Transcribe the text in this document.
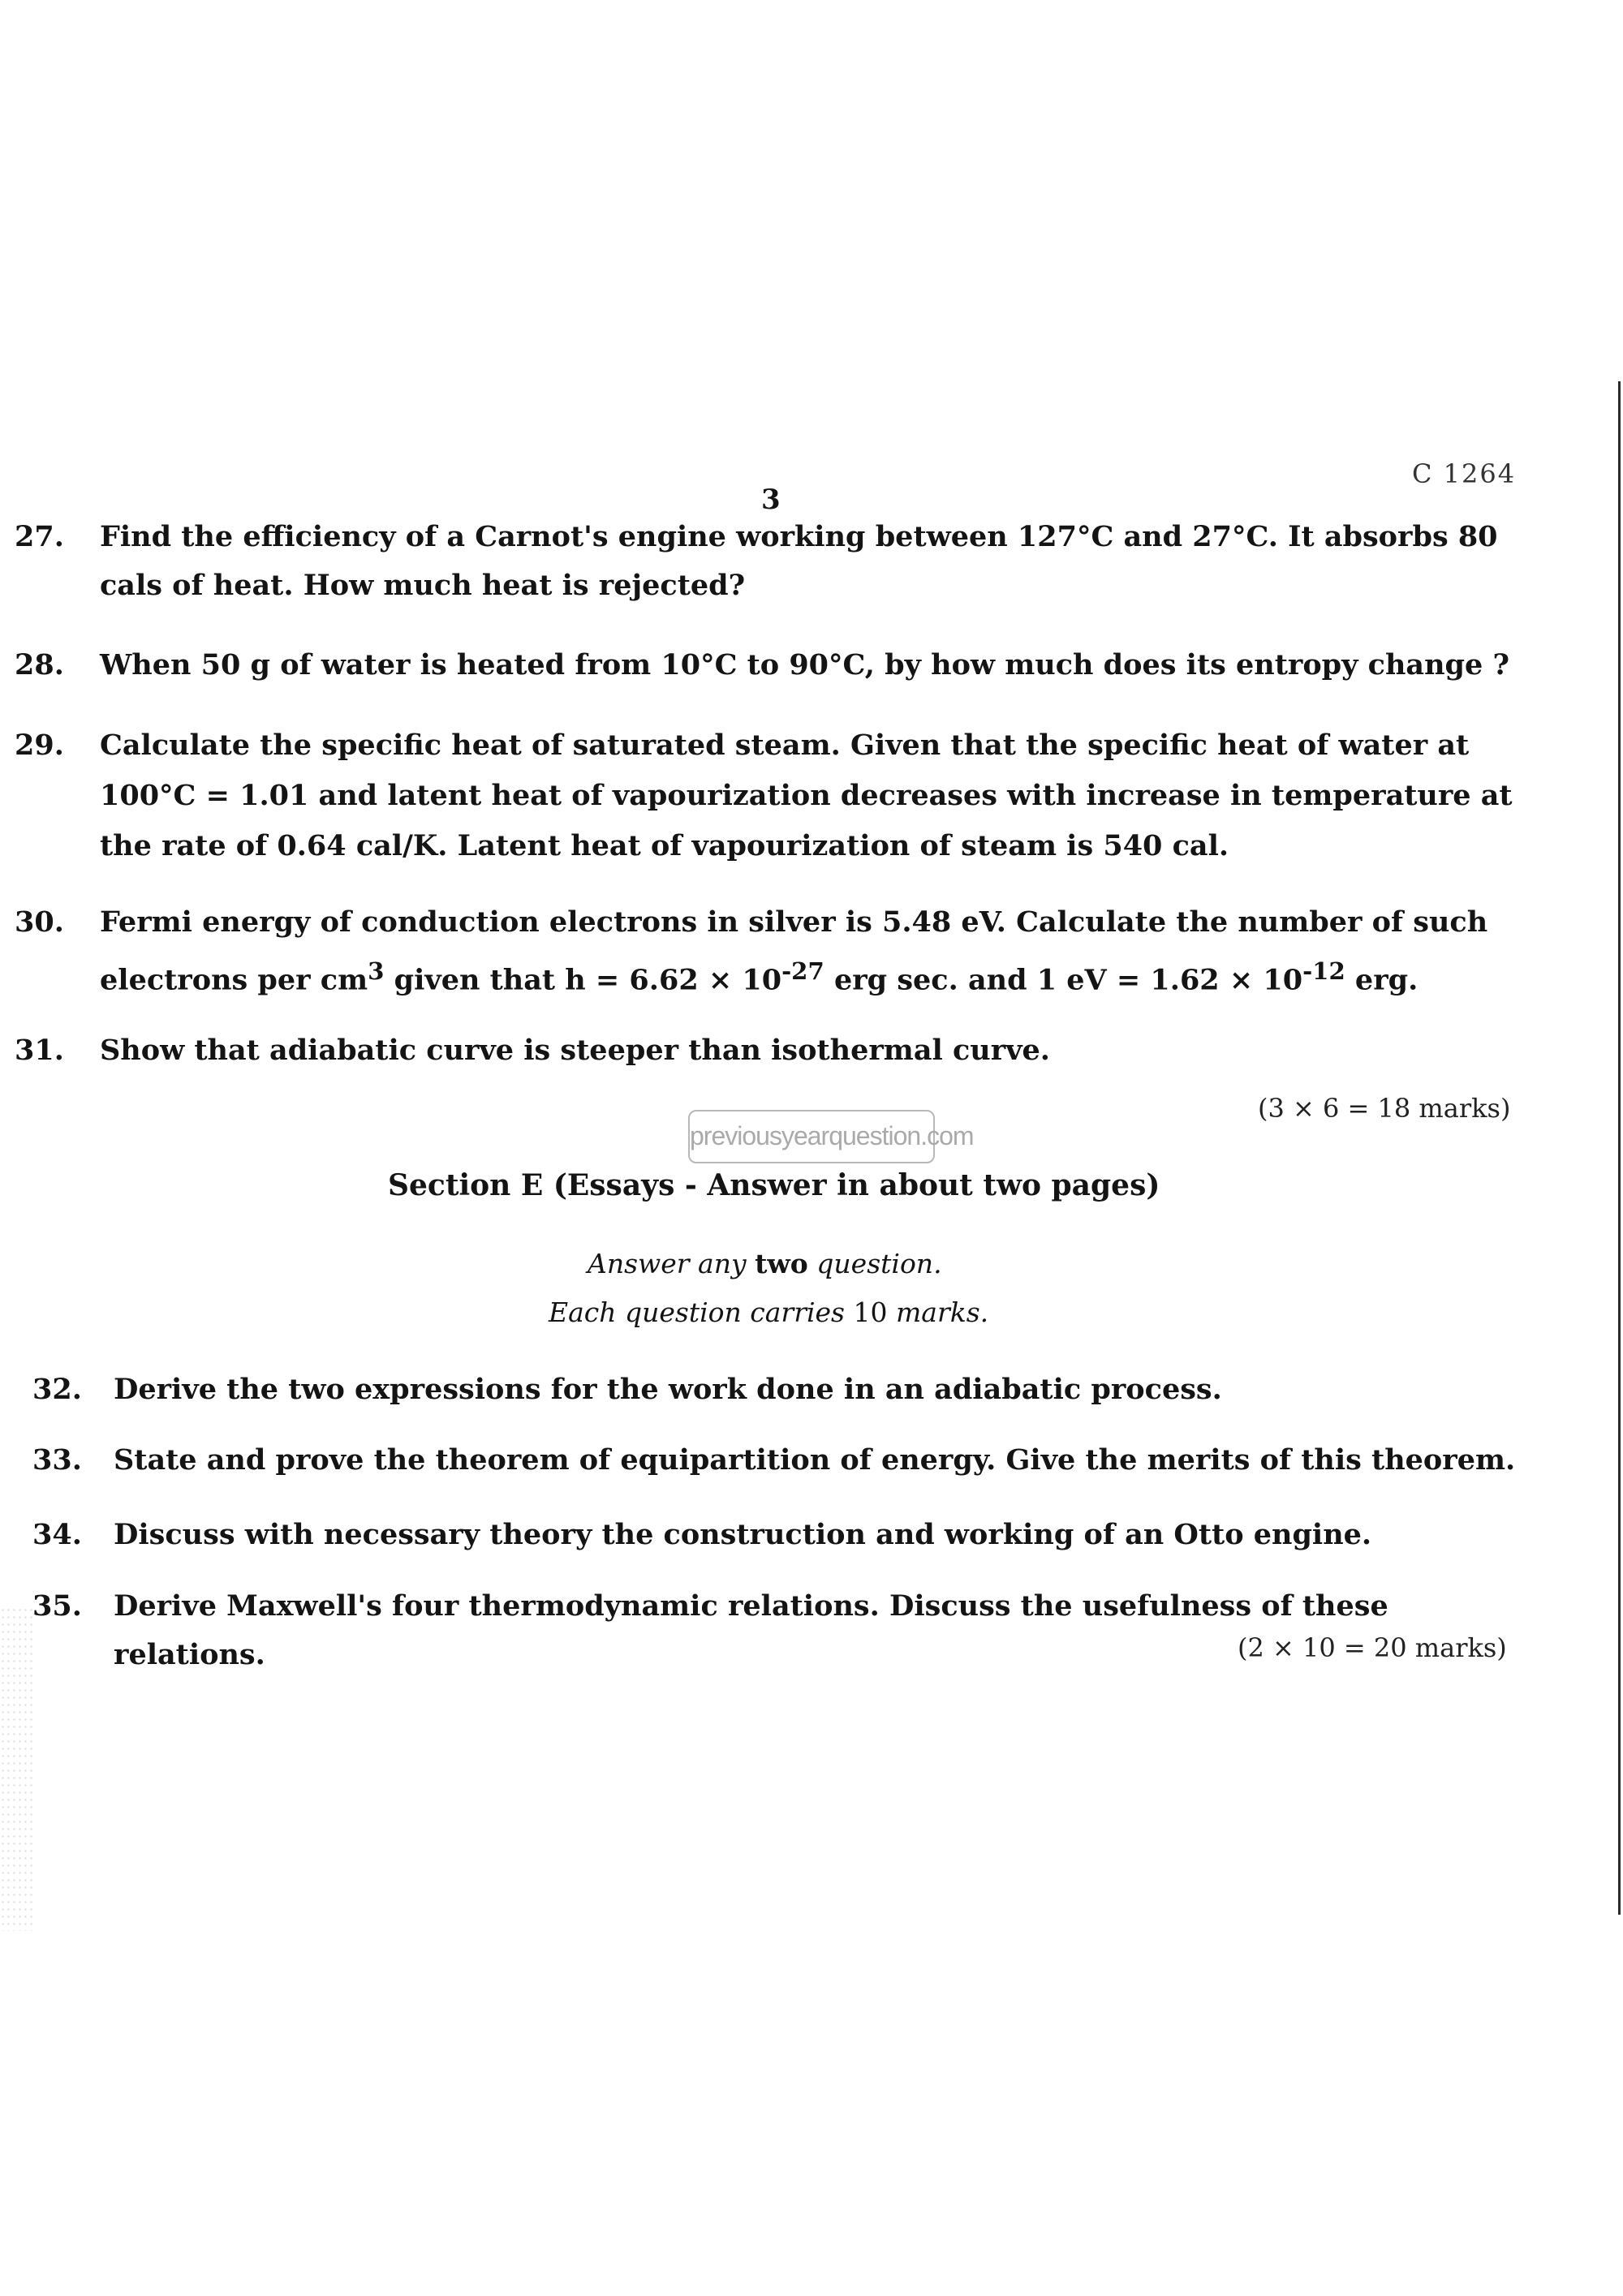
C 1264
3
27. Find the efficiency of a Carnot's engine working between 127°C and 27°C. It absorbs 80 cals of heat. How much heat is rejected?
28. When 50 g of water is heated from 10°C to 90°C, by how much does its entropy change ?
29. Calculate the specific heat of saturated steam. Given that the specific heat of water at 100°C = 1.01 and latent heat of vapourization decreases with increase in temperature at the rate of 0.64 cal/K. Latent heat of vapourization of steam is 540 cal.
30. Fermi energy of conduction electrons in silver is 5.48 eV. Calculate the number of such electrons per $cm^3$ given that $h = 6.62 \times 10^{-27}$ erg sec. and 1 eV = $1.62 \times 10^{-12}$ erg.
31. Show that adiabatic curve is steeper than isothermal curve.
(3 × 6 = 18 marks)
previousyearquestion.com
Section E (Essays - Answer in about two pages)
Answer any two question.
Each question carries 10 marks.
32. Derive the two expressions for the work done in an adiabatic process.
33. State and prove the theorem of equipartition of energy. Give the merits of this theorem.
34. Discuss with necessary theory the construction and working of an Otto engine.
35. Derive Maxwell's four thermodynamic relations. Discuss the usefulness of these relations.	(2 × 10 = 20 marks)
